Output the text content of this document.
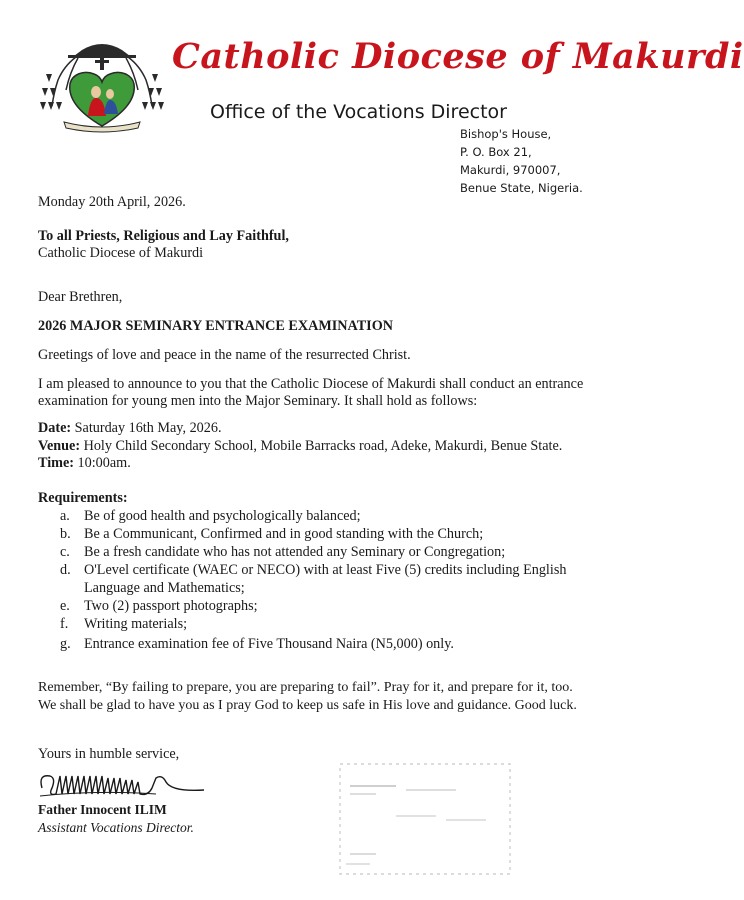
Catholic Diocese of Makurdi
Office of the Vocations Director
Bishop's House,
P. O. Box 21,
Makurdi, 970007,
Benue State, Nigeria.
Monday 20th April, 2026.
To all Priests, Religious and Lay Faithful,
Catholic Diocese of Makurdi
Dear Brethren,
2026 MAJOR SEMINARY ENTRANCE EXAMINATION
Greetings of love and peace in the name of the resurrected Christ.
I am pleased to announce to you that the Catholic Diocese of Makurdi shall conduct an entrance
examination for young men into the Major Seminary. It shall hold as follows:
Date: Saturday 16th May, 2026.
Venue: Holy Child Secondary School, Mobile Barracks road, Adeke, Makurdi, Benue State.
Time: 10:00am.
Requirements:
a. Be of good health and psychologically balanced;
b. Be a Communicant, Confirmed and in good standing with the Church;
c. Be a fresh candidate who has not attended any Seminary or Congregation;
d. O'Level certificate (WAEC or NECO) with at least Five (5) credits including English
Language and Mathematics;
e. Two (2) passport photographs;
f. Writing materials;
g. Entrance examination fee of Five Thousand Naira (N5,000) only.
Remember, “By failing to prepare, you are preparing to fail”. Pray for it, and prepare for it, too.
We shall be glad to have you as I pray God to keep us safe in His love and guidance. Good luck.
Yours in humble service,
Father Innocent ILIM
Assistant Vocations Director.
